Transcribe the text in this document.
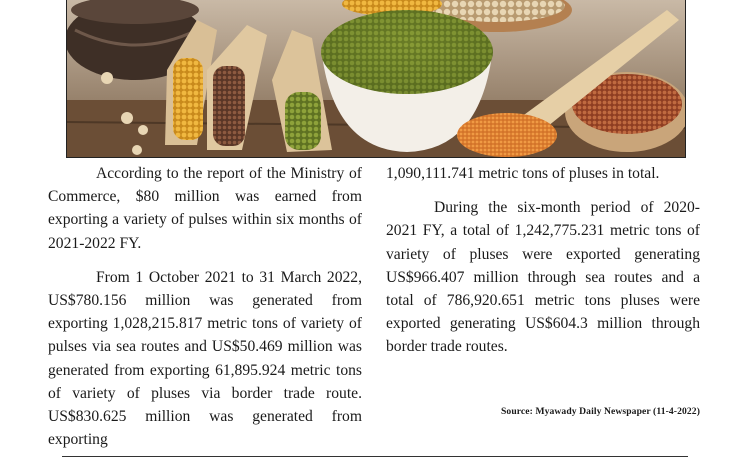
According to the report of the Ministry of Commerce, $80 million was earned from exporting a variety of pulses within six months of 2021-2022 FY.

From 1 October 2021 to 31 March 2022, US$780.156 million was generated from exporting 1,028,215.817 metric tons of variety of pulses via sea routes and US$50.469 million was generated from exporting 61,895.924 metric tons of variety of pluses via border trade route. US$830.625 million was generated from exporting

1,090,111.741 metric tons of pluses in total.

During the six-month period of 2020-2021 FY, a total of 1,242,775.231 metric tons of variety of pluses were exported generating US$966.407 million through sea routes and a total of 786,920.651 metric tons pluses were exported generating US$604.3 million through border trade routes.

Source: Myawady Daily Newspaper (11-4-2022)
